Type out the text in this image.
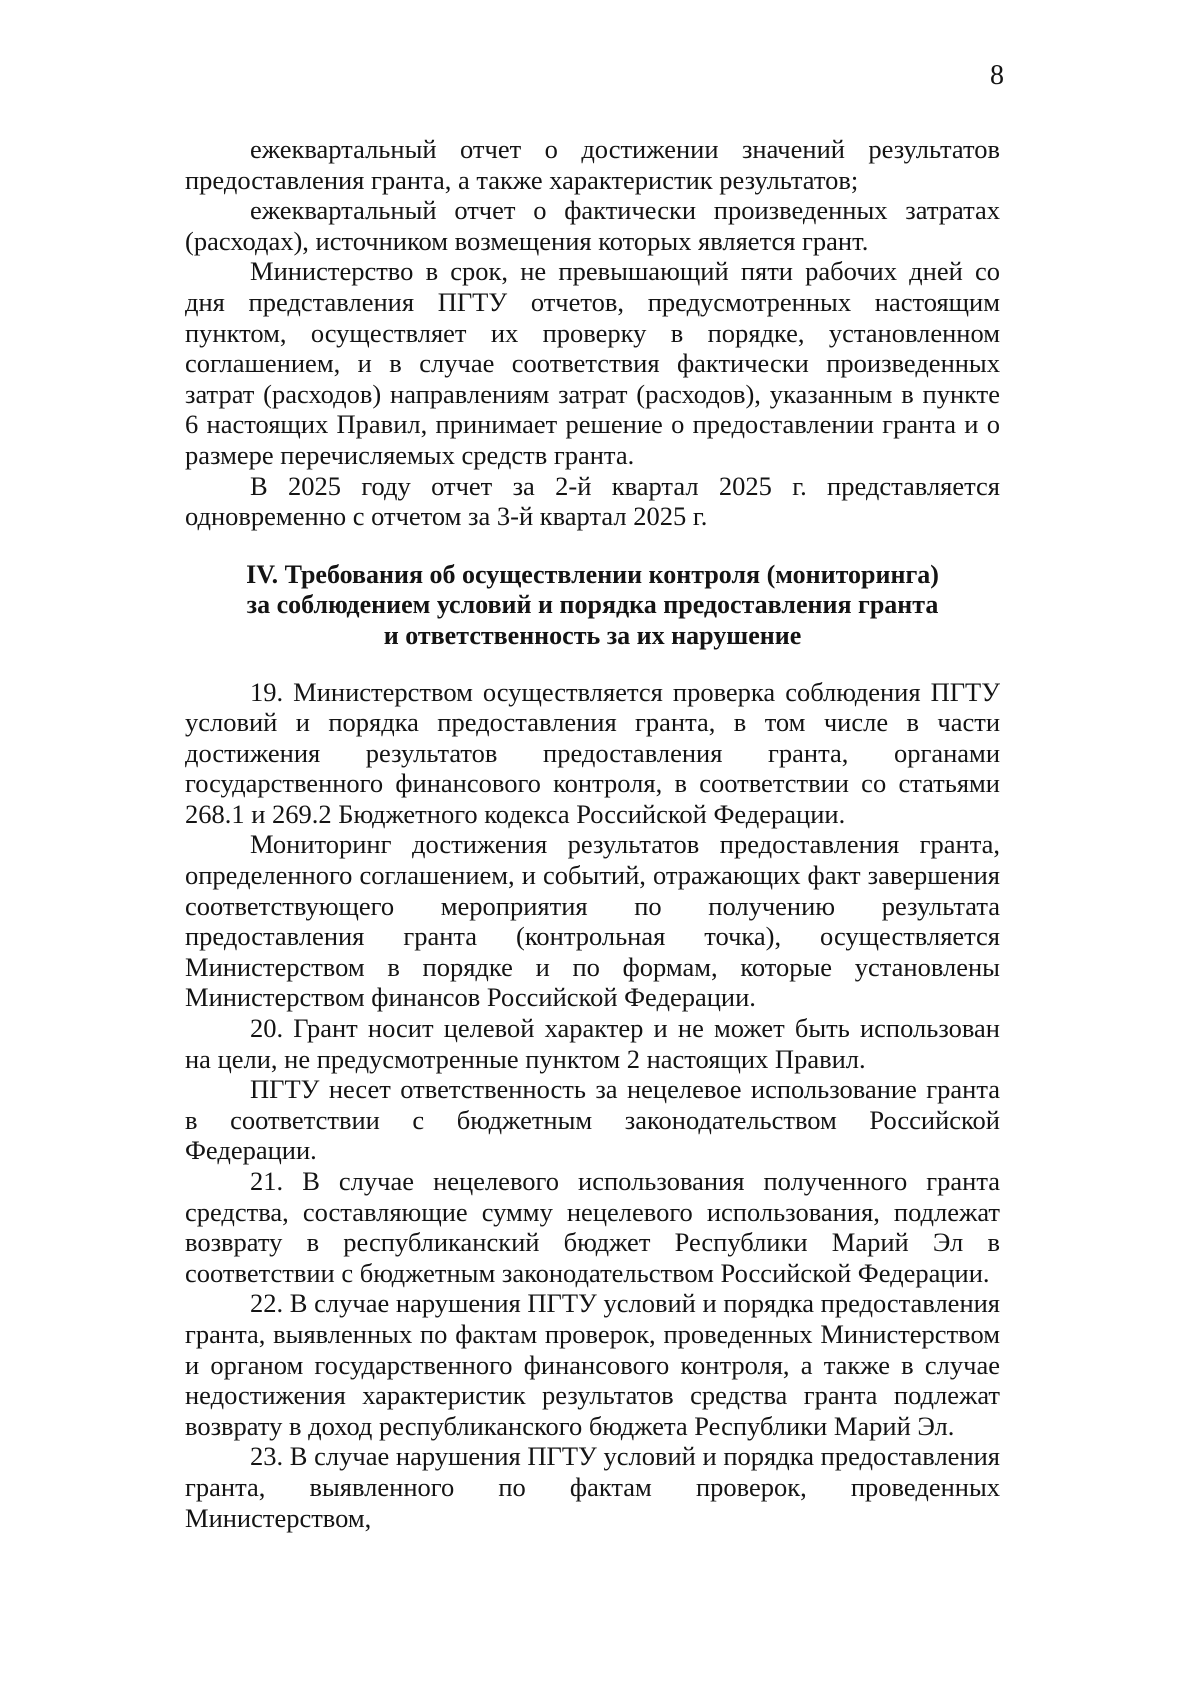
8

ежеквартальный отчет о достижении значений результатов предоставления гранта, а также характеристик результатов;

ежеквартальный отчет о фактически произведенных затратах (расходах), источником возмещения которых является грант.

Министерство в срок, не превышающий пяти рабочих дней со дня представления ПГТУ отчетов, предусмотренных настоящим пунктом, осуществляет их проверку в порядке, установленном соглашением, и в случае соответствия фактически произведенных затрат (расходов) направлениям затрат (расходов), указанным в пункте 6 настоящих Правил, принимает решение о предоставлении гранта и о размере перечисляемых средств гранта.

В 2025 году отчет за 2-й квартал 2025 г. представляется одновременно с отчетом за 3-й квартал 2025 г.

IV. Требования об осуществлении контроля (мониторинга)
за соблюдением условий и порядка предоставления гранта
и ответственность за их нарушение

19. Министерством осуществляется проверка соблюдения ПГТУ условий и порядка предоставления гранта, в том числе в части достижения результатов предоставления гранта, органами государственного финансового контроля, в соответствии со статьями 268.1 и 269.2 Бюджетного кодекса Российской Федерации.

Мониторинг достижения результатов предоставления гранта, определенного соглашением, и событий, отражающих факт завершения соответствующего мероприятия по получению результата предоставления гранта (контрольная точка), осуществляется Министерством в порядке и по формам, которые установлены Министерством финансов Российской Федерации.

20. Грант носит целевой характер и не может быть использован на цели, не предусмотренные пунктом 2 настоящих Правил.

ПГТУ несет ответственность за нецелевое использование гранта в соответствии с бюджетным законодательством Российской Федерации.

21. В случае нецелевого использования полученного гранта средства, составляющие сумму нецелевого использования, подлежат возврату в республиканский бюджет Республики Марий Эл в соответствии с бюджетным законодательством Российской Федерации.

22. В случае нарушения ПГТУ условий и порядка предоставления гранта, выявленных по фактам проверок, проведенных Министерством и органом государственного финансового контроля, а также в случае недостижения характеристик результатов средства гранта подлежат возврату в доход республиканского бюджета Республики Марий Эл.

23. В случае нарушения ПГТУ условий и порядка предоставления гранта, выявленного по фактам проверок, проведенных Министерством,
